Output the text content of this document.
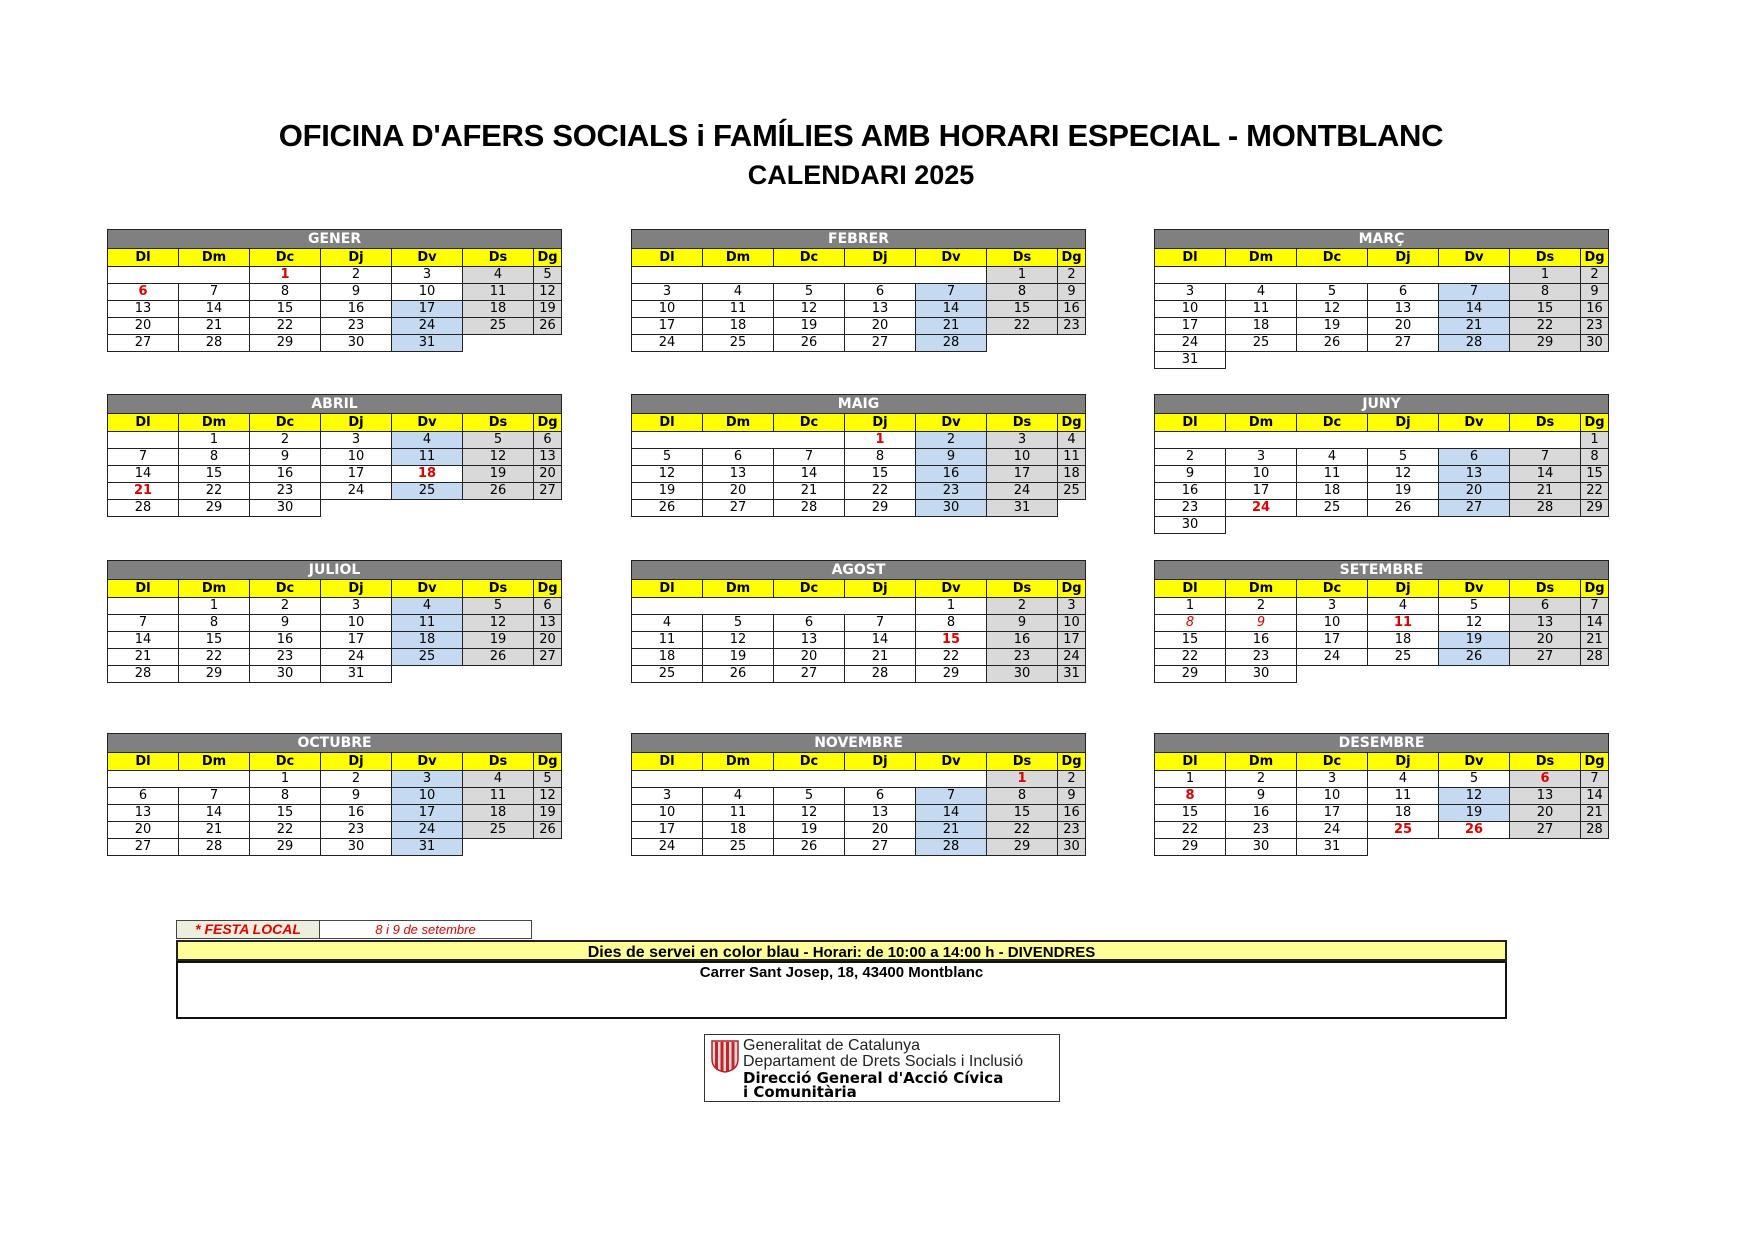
OFICINA D'AFERS SOCIALS i FAMÍLIES AMB HORARI ESPECIAL - MONTBLANC
CALENDARI 2025
GENER						
Dl	Dm	Dc	Dj	Dv	Ds	Dg
		1	2	3	4	5
6	7	8	9	10	11	12
13	14	15	16	17	18	19
20	21	22	23	24	25	26
27	28	29	30	31		
FEBRER						
Dl	Dm	Dc	Dj	Dv	Ds	Dg
					1	2
3	4	5	6	7	8	9
10	11	12	13	14	15	16
17	18	19	20	21	22	23
24	25	26	27	28		
MARÇ						
Dl	Dm	Dc	Dj	Dv	Ds	Dg
					1	2
3	4	5	6	7	8	9
10	11	12	13	14	15	16
17	18	19	20	21	22	23
24	25	26	27	28	29	30
31						
ABRIL						
Dl	Dm	Dc	Dj	Dv	Ds	Dg
	1	2	3	4	5	6
7	8	9	10	11	12	13
14	15	16	17	18	19	20
21	22	23	24	25	26	27
28	29	30				
MAIG						
Dl	Dm	Dc	Dj	Dv	Ds	Dg
			1	2	3	4
5	6	7	8	9	10	11
12	13	14	15	16	17	18
19	20	21	22	23	24	25
26	27	28	29	30	31	
JUNY						
Dl	Dm	Dc	Dj	Dv	Ds	Dg
						1
2	3	4	5	6	7	8
9	10	11	12	13	14	15
16	17	18	19	20	21	22
23	24	25	26	27	28	29
30						
JULIOL						
Dl	Dm	Dc	Dj	Dv	Ds	Dg
	1	2	3	4	5	6
7	8	9	10	11	12	13
14	15	16	17	18	19	20
21	22	23	24	25	26	27
28	29	30	31			
AGOST						
Dl	Dm	Dc	Dj	Dv	Ds	Dg
				1	2	3
4	5	6	7	8	9	10
11	12	13	14	15	16	17
18	19	20	21	22	23	24
25	26	27	28	29	30	31
SETEMBRE						
Dl	Dm	Dc	Dj	Dv	Ds	Dg
1	2	3	4	5	6	7
8	9	10	11	12	13	14
15	16	17	18	19	20	21
22	23	24	25	26	27	28
29	30					
OCTUBRE						
Dl	Dm	Dc	Dj	Dv	Ds	Dg
		1	2	3	4	5
6	7	8	9	10	11	12
13	14	15	16	17	18	19
20	21	22	23	24	25	26
27	28	29	30	31		
NOVEMBRE						
Dl	Dm	Dc	Dj	Dv	Ds	Dg
					1	2
3	4	5	6	7	8	9
10	11	12	13	14	15	16
17	18	19	20	21	22	23
24	25	26	27	28	29	30
DESEMBRE						
Dl	Dm	Dc	Dj	Dv	Ds	Dg
1	2	3	4	5	6	7
8	9	10	11	12	13	14
15	16	17	18	19	20	21
22	23	24	25	26	27	28
29	30	31				
* FESTA LOCAL	8 i 9 de setembre
Dies de servei en color blau - Horari: de 10:00 a 14:00 h - DIVENDRES
Carrer Sant Josep, 18, 43400 Montblanc
Generalitat de Catalunya
Departament de Drets Socials i Inclusió
Direcció General d'Acció Cívica
i Comunitària
